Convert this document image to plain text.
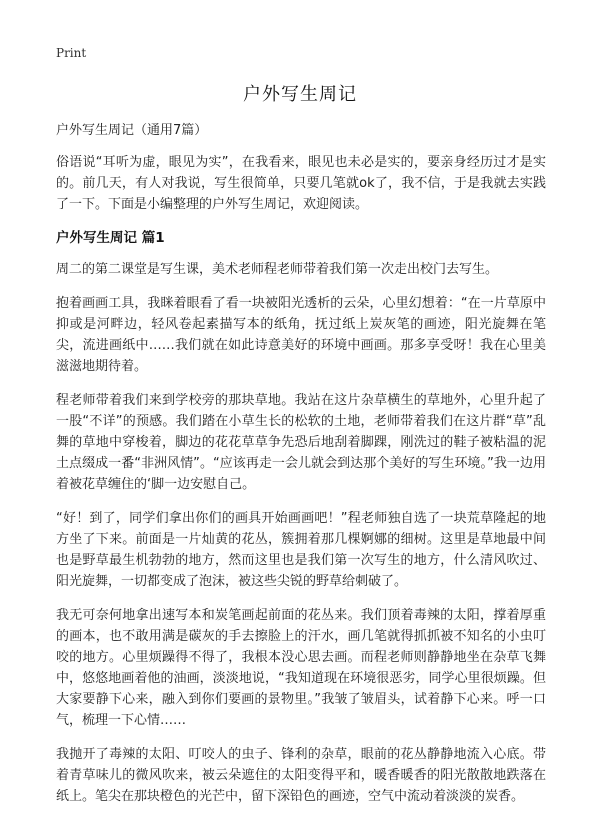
Print
户外写生周记

户外写生周记（通用7篇）

俗语说“耳听为虚，眼见为实”，在我看来，眼见也未必是实的，要亲身经历过才是实的。前几天，有人对我说，写生很简单，只要几笔就ok了，我不信，于是我就去实践了一下。下面是小编整理的户外写生周记，欢迎阅读。

户外写生周记 篇1

周二的第二课堂是写生课，美术老师程老师带着我们第一次走出校门去写生。

抱着画画工具，我眯着眼看了看一块被阳光透析的云朵，心里幻想着：“在一片草原中抑或是河畔边，轻风卷起素描写本的纸角，抚过纸上炭灰笔的画迹，阳光旋舞在笔尖，流进画纸中……我们就在如此诗意美好的环境中画画。那多享受呀！我在心里美滋滋地期待着。

程老师带着我们来到学校旁的那块草地。我站在这片杂草横生的草地外，心里升起了一股“不详”的预感。我们踏在小草生长的松软的土地，老师带着我们在这片群“草”乱舞的草地中穿梭着，脚边的花花草草争先恐后地刮着脚踝，刚洗过的鞋子被粘温的泥土点缀成一番“非洲风情”。“应该再走一会儿就会到达那个美好的写生环境。”我一边用着被花草缠住的‘脚一边安慰自己。

“好！到了，同学们拿出你们的画具开始画画吧！”程老师独自选了一块荒草隆起的地方坐了下来。前面是一片灿黄的花丛，簇拥着那几棵婀娜的细树。这里是草地最中间也是野草最生机勃勃的地方，然而这里也是我们第一次写生的地方，什么清风吹过、阳光旋舞，一切都变成了泡沫，被这些尖锐的野草给刺破了。

我无可奈何地拿出速写本和炭笔画起前面的花丛来。我们顶着毒辣的太阳，撑着厚重的画本，也不敢用满是碳灰的手去擦脸上的汗水，画几笔就得抓抓被不知名的小虫叮咬的地方。心里烦躁得不得了，我根本没心思去画。而程老师则静静地坐在杂草飞舞中，悠悠地画着他的油画，淡淡地说，“我知道现在环境很恶劣，同学心里很烦躁。但大家要静下心来，融入到你们要画的景物里。”我皱了皱眉头，试着静下心来。呼一口气，梳理一下心情……

我抛开了毒辣的太阳、叮咬人的虫子、锋利的杂草，眼前的花丛静静地流入心底。带着青草味儿的微风吹来，被云朵遮住的太阳变得平和，暖香暖香的阳光散散地跌落在纸上。笔尖在那块橙色的光芒中，留下深铅色的画迹，空气中流动着淡淡的炭香。
